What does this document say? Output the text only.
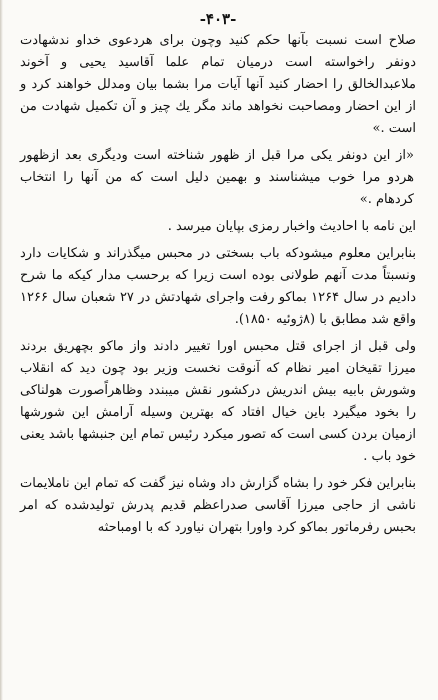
-۴۰۳-

صلاح است نسبت بآنها حکم کنید وچون برای هردعوی خداو ندشهادت دونفر راخواسته است درمیان تمام علما آقاسید یحیی و آخوند ملاعبدالخالق را احضار کنید آنها آیات مرا بشما بیان ومدلل خواهند کرد و از این احضار ومصاحبت نخواهد ماند مگر یك چیز و آن تکمیل شهادت من است .»

«از این دونفر یکی مرا قبل از ظهور شناخته است ودیگری بعد ازظهور هردو مرا خوب میشناسند و بهمین دلیل است که من آنها را انتخاب کردهام .»

این نامه با احادیث واخبار رمزی بپایان میرسد .

بنابراین معلوم میشودکه باب بسختی در محبس میگذراند و شکایات دارد ونسبتاً مدت آنهم طولانی بوده است زیرا که برحسب مدار کیکه ما شرح دادیم در سال ۱۲۶۴ بماکو رفت واجرای شهادتش در ۲۷ شعبان سال ۱۲۶۶ واقع شد مطابق با (۸ژوئیه ۱۸۵۰).

ولی قبل از اجرای قتل محبس اورا تغییر دادند واز ماکو بچهریق بردند میرزا تقیخان امیر نظام که آنوقت نخست وزیر بود چون دید که انقلاب وشورش بابیه بیش اندریش درکشور نقش میبندد وظاهراًصورت هولناکی را بخود میگیرد باین خیال افتاد که بهترین وسیله آرامش این شورشها ازمیان بردن کسی است که تصور میکرد رئیس تمام این جنبشها باشد یعنی خود باب .

بنابراین فکر خود را بشاه گزارش داد وشاه نیز گفت که تمام این ناملایمات ناشی از حاجی میرزا آقاسی صدراعظم قدیم پدرش تولیدشده که امر بحبس رفرماتور بماکو کرد واورا بتهران نیاورد که با اومباحثه
